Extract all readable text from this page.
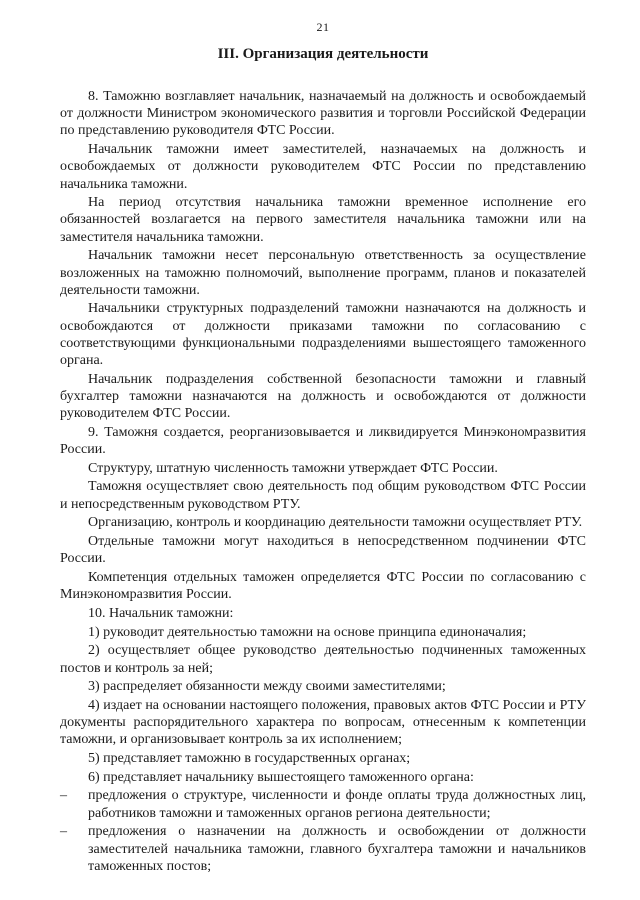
21
III. Организация деятельности

8. Таможню возглавляет начальник, назначаемый на должность и освобождаемый от должности Министром экономического развития и торговли Российской Федерации по представлению руководителя ФТС России.

Начальник таможни имеет заместителей, назначаемых на должность и освобождаемых от должности руководителем ФТС России по представлению начальника таможни.

На период отсутствия начальника таможни временное исполнение его обязанностей возлагается на первого заместителя начальника таможни или на заместителя начальника таможни.

Начальник таможни несет персональную ответственность за осуществление возложенных на таможню полномочий, выполнение программ, планов и показателей деятельности таможни.

Начальники структурных подразделений таможни назначаются на должность и освобождаются от должности приказами таможни по согласованию с соответствующими функциональными подразделениями вышестоящего таможенного органа.

Начальник подразделения собственной безопасности таможни и главный бухгалтер таможни назначаются на должность и освобождаются от должности руководителем ФТС России.

9. Таможня создается, реорганизовывается и ликвидируется Минэкономразвития России.

Структуру, штатную численность таможни утверждает ФТС России.

Таможня осуществляет свою деятельность под общим руководством ФТС России и непосредственным руководством РТУ.

Организацию, контроль и координацию деятельности таможни осуществляет РТУ.

Отдельные таможни могут находиться в непосредственном подчинении ФТС России.

Компетенция отдельных таможен определяется ФТС России по согласованию с Минэкономразвития России.

10. Начальник таможни:

1) руководит деятельностью таможни на основе принципа единоначалия;

2) осуществляет общее руководство деятельностью подчиненных таможенных постов и контроль за ней;

3) распределяет обязанности между своими заместителями;

4) издает на основании настоящего положения, правовых актов ФТС России и РТУ документы распорядительного характера по вопросам, отнесенным к компетенции таможни, и организовывает контроль за их исполнением;

5) представляет таможню в государственных органах;

6) представляет начальнику вышестоящего таможенного органа:

– предложения о структуре, численности и фонде оплаты труда должностных лиц, работников таможни и таможенных органов региона деятельности;
– предложения о назначении на должность и освобождении от должности заместителей начальника таможни, главного бухгалтера таможни и начальников таможенных постов;
